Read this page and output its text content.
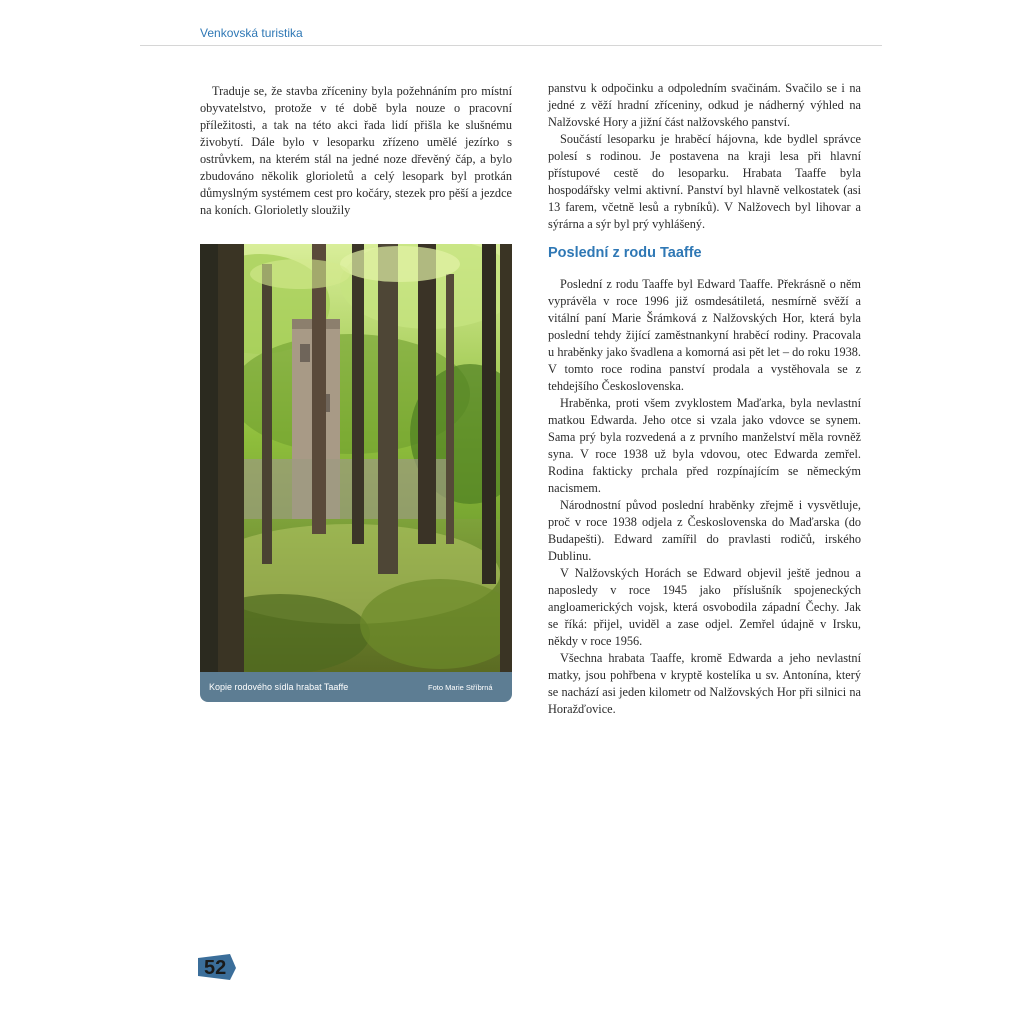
Venkovská turistika

Traduje se, že stavba zříceniny byla požehnáním pro místní obyvatelstvo, protože v té době byla nouze o pracovní příležitosti, a tak na této akci řada lidí přišla ke slušnému živobytí. Dále bylo v lesoparku zřízeno umělé jezírko s ostrůvkem, na kterém stál na jedné noze dřevěný čáp, a bylo zbudováno několik glorioletů a celý lesopark byl protkán důmyslným systémem cest pro kočáry, stezek pro pěší a jezdce na koních. Glorioletly sloužily

Kopie rodového sídla hrabat Taaffe	Foto Marie Stříbrná

panstvu k odpočinku a odpoledním svačinám. Svačilo se i na jedné z věží hradní zříceniny, odkud je nádherný výhled na Nalžovské Hory a jižní část nalžovského panství.

Součástí lesoparku je hraběcí hájovna, kde bydlel správce polesí s rodinou. Je postavena na kraji lesa při hlavní přístupové cestě do lesoparku. Hrabata Taaffe byla hospodářsky velmi aktivní. Panství byl hlavně velkostatek (asi 13 farem, včetně lesů a rybníků). V Nalžovech byl lihovar a sýrárna a sýr byl prý vyhlášený.

Poslední z rodu Taaffe

Poslední z rodu Taaffe byl Edward Taaffe. Překrásně o něm vyprávěla v roce 1996 již osmdesátiletá, nesmírně svěží a vitální paní Marie Šrámková z Nalžovských Hor, která byla poslední tehdy žijící zaměstnankyní hraběcí rodiny. Pracovala u hraběnky jako švadlena a komorná asi pět let – do roku 1938. V tomto roce rodina panství prodala a vystěhovala se z tehdejšího Československa.

Hraběnka, proti všem zvyklostem Maďarka, byla nevlastní matkou Edwarda. Jeho otce si vzala jako vdovce se synem. Sama prý byla rozvedená a z prvního manželství měla rovněž syna. V roce 1938 už byla vdovou, otec Edwarda zemřel. Rodina fakticky prchala před rozpínajícím se německým nacismem.

Národnostní původ poslední hraběnky zřejmě i vysvětluje, proč v roce 1938 odjela z Československa do Maďarska (do Budapešti). Edward zamířil do pravlasti rodičů, irského Dublinu.

V Nalžovských Horách se Edward objevil ještě jednou a naposledy v roce 1945 jako příslušník spojeneckých angloamerických vojsk, která osvobodila západní Čechy. Jak se říká: přijel, uviděl a zase odjel. Zemřel údajně v Irsku, někdy v roce 1956.

Všechna hrabata Taaffe, kromě Edwarda a jeho nevlastní matky, jsou pohřbena v kryptě kostelíka u sv. Antonína, který se nachází asi jeden kilometr od Nalžovských Hor při silnici na Horažďovice.

52
